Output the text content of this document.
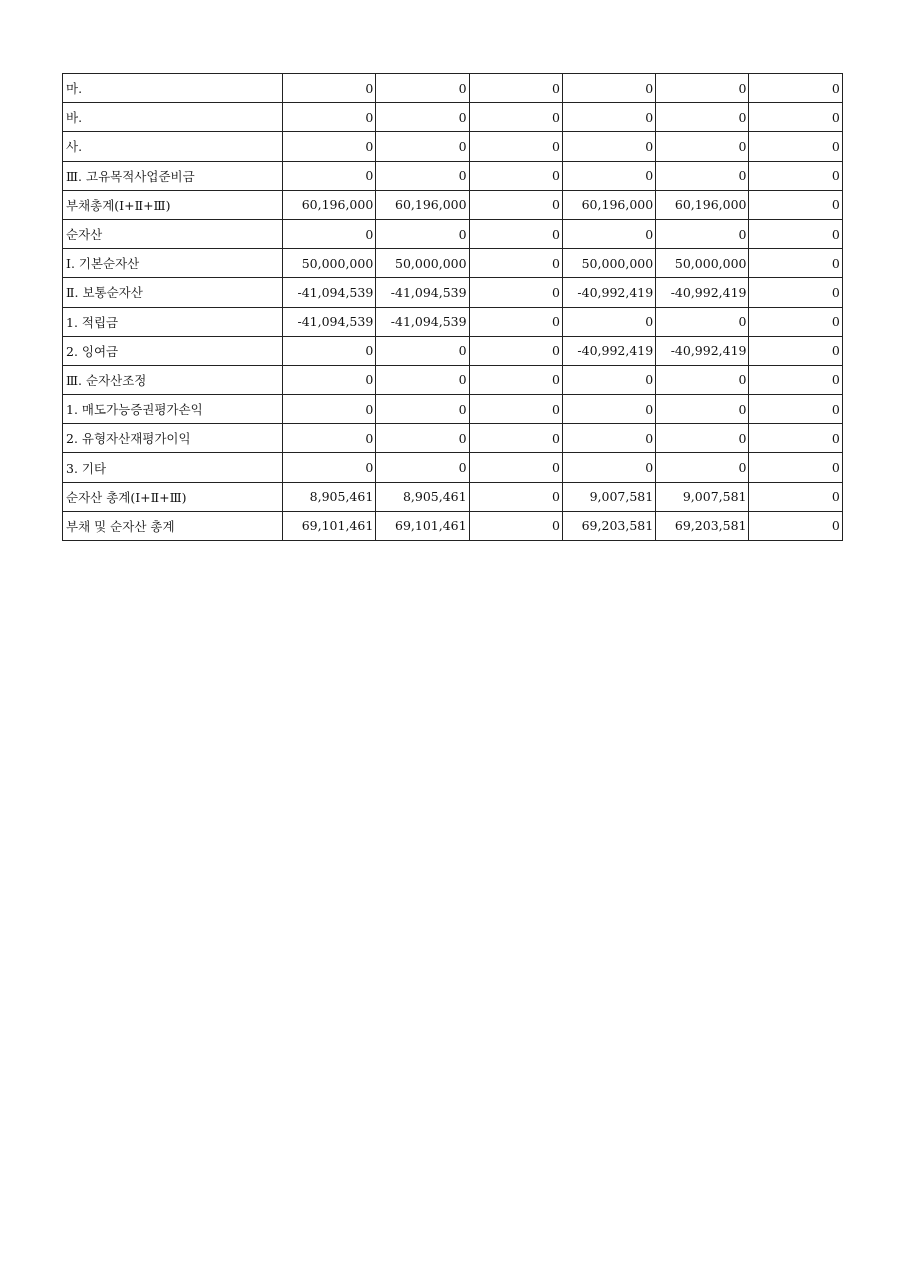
마.	0	0	0	0	0	0
바.	0	0	0	0	0	0
사.	0	0	0	0	0	0
Ⅲ. 고유목적사업준비금	0	0	0	0	0	0
부채총계(Ⅰ+Ⅱ+Ⅲ)	60,196,000	60,196,000	0	60,196,000	60,196,000	0
순자산	0	0	0	0	0	0
Ⅰ. 기본순자산	50,000,000	50,000,000	0	50,000,000	50,000,000	0
Ⅱ. 보통순자산	-41,094,539	-41,094,539	0	-40,992,419	-40,992,419	0
1. 적립금	-41,094,539	-41,094,539	0	0	0	0
2. 잉여금	0	0	0	-40,992,419	-40,992,419	0
Ⅲ. 순자산조정	0	0	0	0	0	0
1. 매도가능증권평가손익	0	0	0	0	0	0
2. 유형자산재평가이익	0	0	0	0	0	0
3. 기타	0	0	0	0	0	0
순자산 총계(Ⅰ+Ⅱ+Ⅲ)	8,905,461	8,905,461	0	9,007,581	9,007,581	0
부채 및 순자산 총계	69,101,461	69,101,461	0	69,203,581	69,203,581	0
